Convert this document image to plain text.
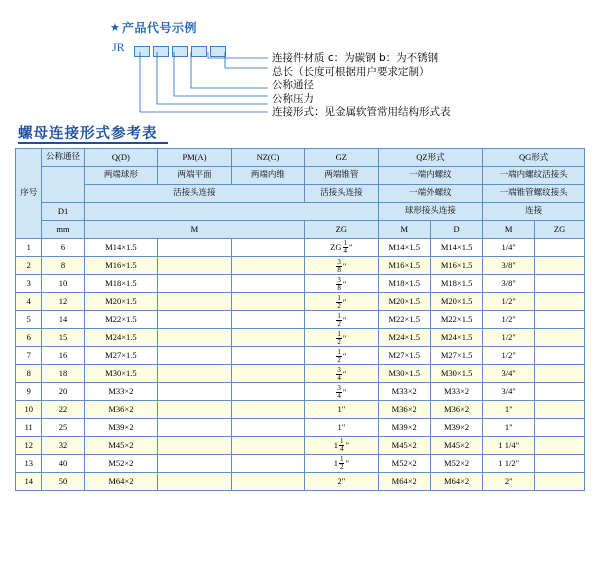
★ 产品代号示例
JR
连接件材质 c：为碳钢 b：为不锈钢
总长（长度可根据用户要求定制）
公称通径
公称压力
连接形式：见金属软管常用结构形式表
螺母连接形式参考表
序号	公称通径	Q(D)	PM(A)	NZ(C)	GZ	QZ形式		QG形式	
		两端球形	两端平面	两端内维	两端锥管	一端内螺纹		一端内螺纹活接头	
		活接头连接			活接头连接	一端外螺纹		一端锥管螺纹接头	
	D1					球形接头连接		连接	
	mm	M			ZG	M	D	M	ZG
1	6	M14×1.5			ZG $\frac{1}{4}$ "	M14×1.5	M14×1.5	1/4"	
2	8	M16×1.5			$\frac{3}{8}$ "	M16×1.5	M16×1.5	3/8"	
3	10	M18×1.5			$\frac{3}{8}$ "	M18×1.5	M18×1.5	3/8"	
4	12	M20×1.5			$\frac{1}{2}$ "	M20×1.5	M20×1.5	1/2"	
5	14	M22×1.5			$\frac{1}{2}$ "	M22×1.5	M22×1.5	1/2"	
6	15	M24×1.5			$\frac{1}{2}$ "	M24×1.5	M24×1.5	1/2"	
7	16	M27×1.5			$\frac{1}{2}$ "	M27×1.5	M27×1.5	1/2"	
8	18	M30×1.5			$\frac{3}{4}$ "	M30×1.5	M30×1.5	3/4"	
9	20	M33×2			$\frac{3}{4}$ "	M33×2	M33×2	3/4"	
10	22	M36×2			1"	M36×2	M36×2	1"	
11	25	M39×2			1"	M39×2	M39×2	1"	
12	32	M45×2			$1 \frac{1}{4}$ "	M45×2	M45×2	1 1/4"	
13	40	M52×2			$1 \frac{1}{2}$ "	M52×2	M52×2	1 1/2"	
14	50	M64×2			2"	M64×2	M64×2	2"	
